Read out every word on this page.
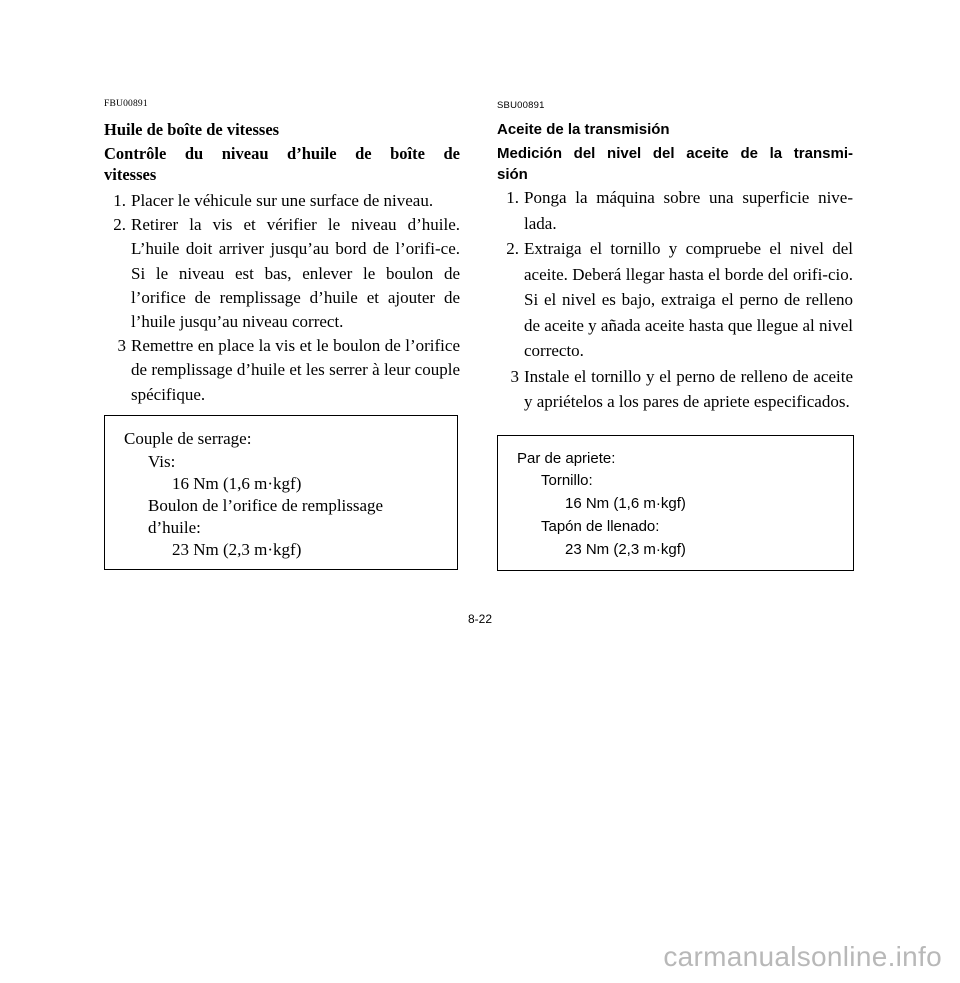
FBU00891
Huile de boîte de vitesses
Contrôle du niveau d’huile de boîte de
vitesses
1. Placer le véhicule sur une surface de niveau.
2. Retirer la vis et vérifier le niveau d’huile. L’huile doit arriver jusqu’au bord de l’orifi-ce. Si le niveau est bas, enlever le boulon de l’orifice de remplissage d’huile et ajouter de l’huile jusqu’au niveau correct.
3 Remettre en place la vis et le boulon de l’orifice de remplissage d’huile et les serrer à leur couple spécifique.
Couple de serrage:
Vis:
16 Nm (1,6 m·kgf)
Boulon de l’orifice de remplissage
d’huile:
23 Nm (2,3 m·kgf)
SBU00891
Aceite de la transmisión
Medición del nivel del aceite de la transmi-
sión
1. Ponga la máquina sobre una superficie nive-lada.
2. Extraiga el tornillo y compruebe el nivel del aceite. Deberá llegar hasta el borde del orifi-cio. Si el nivel es bajo, extraiga el perno de relleno de aceite y añada aceite hasta que llegue al nivel correcto.
3 Instale el tornillo y el perno de relleno de aceite y apriételos a los pares de apriete especificados.
Par de apriete:
Tornillo:
16 Nm (1,6 m·kgf)
Tapón de llenado:
23 Nm (2,3 m·kgf)
8-22
carmanualsonline.info
